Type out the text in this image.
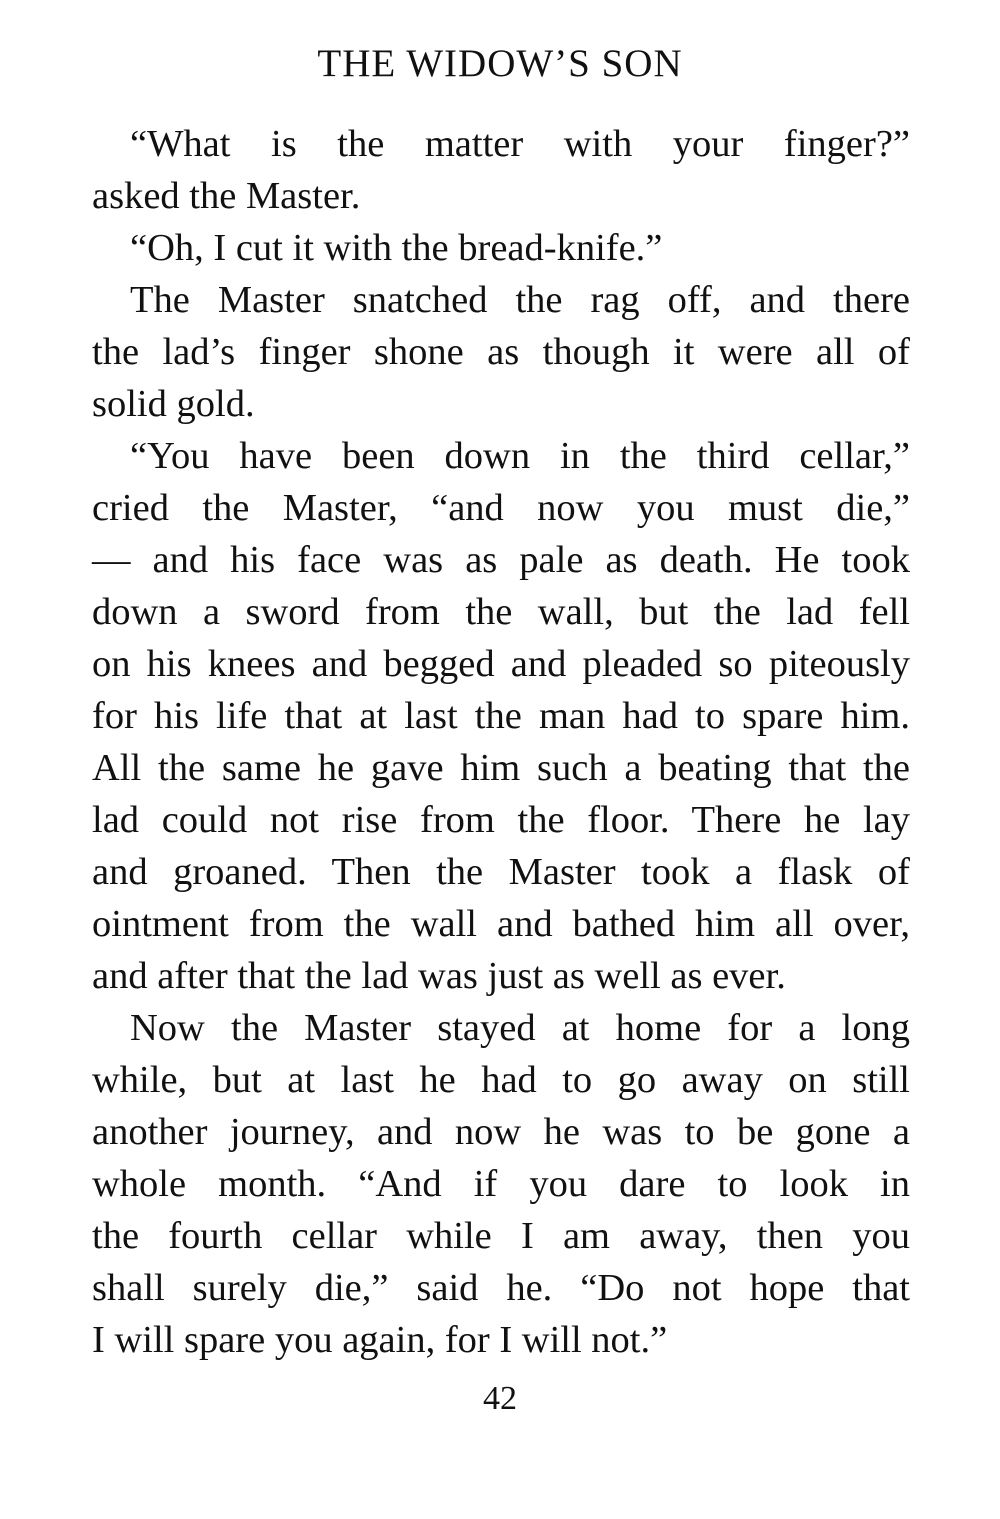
THE WIDOW’S SON

“What is the matter with your finger?”
asked the Master.

“Oh, I cut it with the bread-knife.”

The Master snatched the rag off, and there
the lad’s finger shone as though it were all of
solid gold.

“You have been down in the third cellar,”
cried the Master, “and now you must die,”
— and his face was as pale as death. He took
down a sword from the wall, but the lad fell
on his knees and begged and pleaded so piteously
for his life that at last the man had to spare him.
All the same he gave him such a beating that the
lad could not rise from the floor. There he lay
and groaned. Then the Master took a flask of
ointment from the wall and bathed him all over,
and after that the lad was just as well as ever.

Now the Master stayed at home for a long
while, but at last he had to go away on still
another journey, and now he was to be gone a
whole month. “And if you dare to look in
the fourth cellar while I am away, then you
shall surely die,” said he. “Do not hope that
I will spare you again, for I will not.”

42
